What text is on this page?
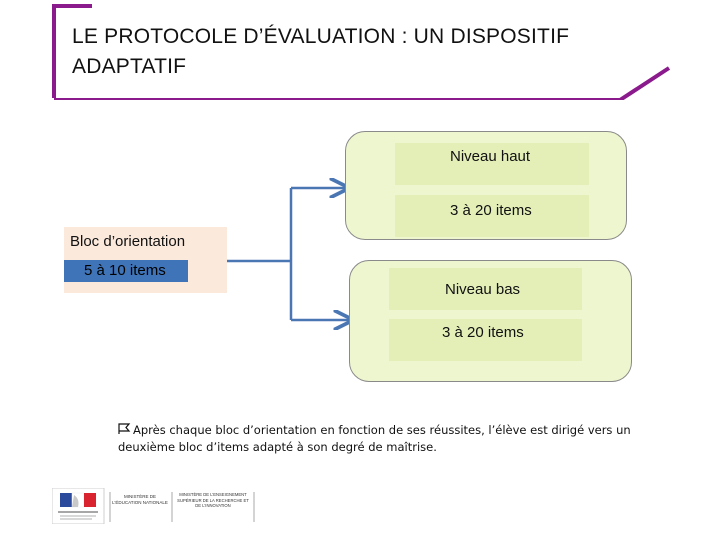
LE PROTOCOLE D’ÉVALUATION : UN DISPOSITIF
ADAPTATIF
Niveau haut
3 à 20 items
Niveau bas
3 à 20 items
Bloc d’orientation
5 à 10 items
Après chaque bloc d’orientation en fonction de ses réussites, l’élève est dirigé vers un deuxième bloc d’items adapté à son degré de maîtrise.
MINISTÈRE DE L’ÉDUCATION NATIONALE
MINISTÈRE DE L’ENSEIGNEMENT SUPÉRIEUR DE LA RECHERCHE ET DE L’INNOVATION
